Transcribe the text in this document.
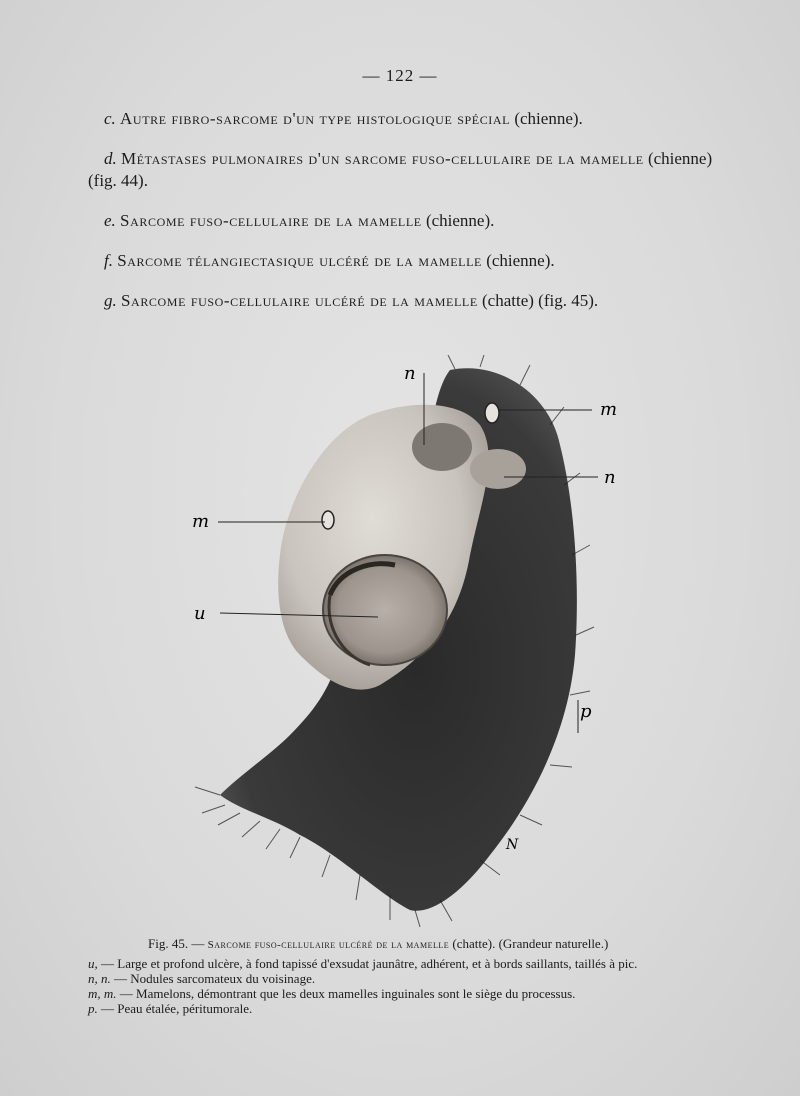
— 122 —

c. Autre fibro-sarcome d'un type histologique spécial (chienne).

d. Métastases pulmonaires d'un sarcome fuso-cellulaire de la mamelle (chienne) (fig. 44).

e. Sarcome fuso-cellulaire de la mamelle (chienne).

f. Sarcome télangiectasique ulcéré de la mamelle (chienne).

g. Sarcome fuso-cellulaire ulcéré de la mamelle (chatte) (fig. 45).

n
m
n
m
u
p
N
Fig. 45. — Sarcome fuso-cellulaire ulcéré de la mamelle (chatte). (Grandeur naturelle.)

u, — Large et profond ulcère, à fond tapissé d'exsudat jaunâtre, adhérent, et à bords saillants, taillés à pic.

n, n. — Nodules sarcomateux du voisinage.

m, m. — Mamelons, démontrant que les deux mamelles inguinales sont le siège du processus.

p. — Peau étalée, péritumorale.
